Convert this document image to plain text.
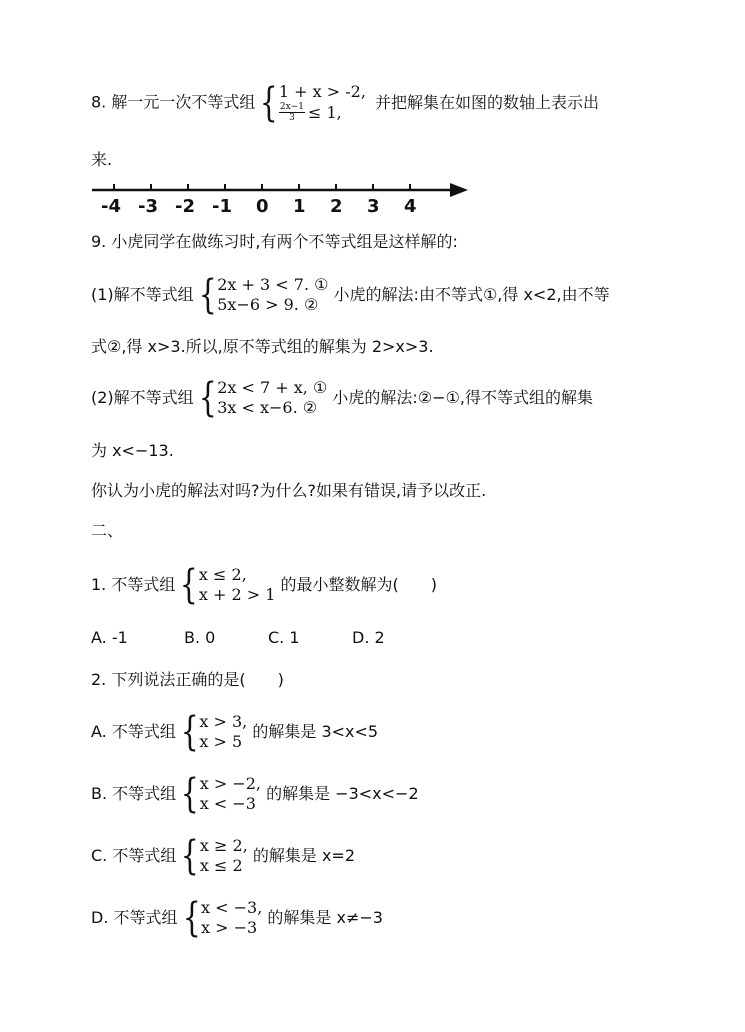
8. 解一元一次不等式组 { 1 + x > -2,
$\frac{2x-1}{3} \le 1$,
并把解集在如图的数轴上表示出
来.
-4 -3 -2 -1 0 1 2 3 4
9. 小虎同学在做练习时,有两个不等式组是这样解的:
(1)解不等式组 { 2x + 3 < 7. ①
5x−6 > 9. ②
小虎的解法:由不等式①,得 x<2,由不等
式②,得 x>3.所以,原不等式组的解集为 2>x>3.
(2)解不等式组 { 2x < 7 + x, ①
3x < x−6. ②
小虎的解法:②−①,得不等式组的解集
为 x<−13.
你认为小虎的解法对吗?为什么?如果有错误,请予以改正.
二、
1. 不等式组 { x ≤ 2,
x + 2 > 1
的最小整数解为(　　)
A. -1	B. 0	C. 1	D. 2
2. 下列说法正确的是(　　)
A. 不等式组 { x > 3,
x > 5
的解集是 3<x<5
B. 不等式组 { x > −2,
x < −3
的解集是 −3<x<−2
C. 不等式组 { x ≥ 2,
x ≤ 2
的解集是 x=2
D. 不等式组 { x < −3,
x > −3
的解集是 x≠−3
